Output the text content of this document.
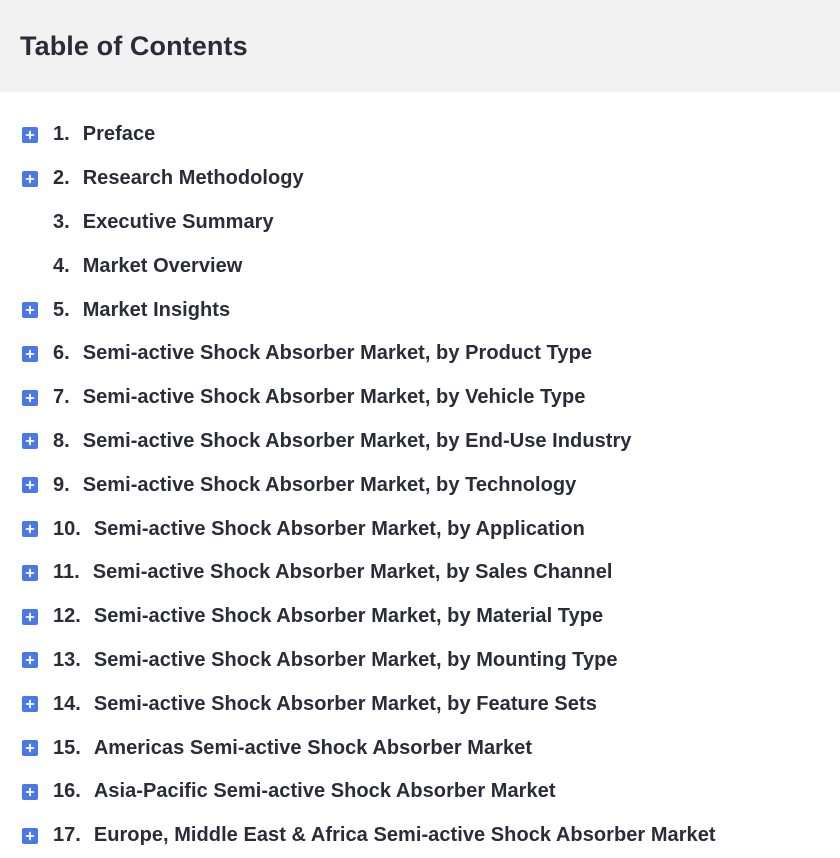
Table of Contents
1. Preface
2. Research Methodology
3. Executive Summary
4. Market Overview
5. Market Insights
6. Semi-active Shock Absorber Market, by Product Type
7. Semi-active Shock Absorber Market, by Vehicle Type
8. Semi-active Shock Absorber Market, by End-Use Industry
9. Semi-active Shock Absorber Market, by Technology
10. Semi-active Shock Absorber Market, by Application
11. Semi-active Shock Absorber Market, by Sales Channel
12. Semi-active Shock Absorber Market, by Material Type
13. Semi-active Shock Absorber Market, by Mounting Type
14. Semi-active Shock Absorber Market, by Feature Sets
15. Americas Semi-active Shock Absorber Market
16. Asia-Pacific Semi-active Shock Absorber Market
17. Europe, Middle East & Africa Semi-active Shock Absorber Market
